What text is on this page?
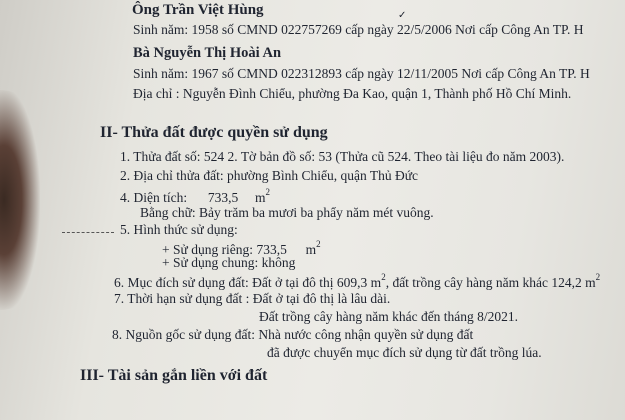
Ông Trần Việt Hùng	✓
Sinh năm: 1958 số CMND 022757269 cấp ngày 22/5/2006 Nơi cấp Công An TP. H
Bà Nguyễn Thị Hoài An
Sinh năm: 1967 số CMND 022312893 cấp ngày 12/11/2005 Nơi cấp Công An TP. H
Địa chỉ : Nguyễn Đình Chiểu, phường Đa Kao, quận 1, Thành phố Hồ Chí Minh.
II- Thửa đất được quyền sử dụng
1. Thửa đất số: 524 2. Tờ bản đồ số: 53 (Thửa cũ 524. Theo tài liệu đo năm 2003).
2. Địa chỉ thửa đất: phường Bình Chiểu, quận Thủ Đức
4. Diện tích: 733,5 $m^2$
Bằng chữ: Bảy trăm ba mươi ba phẩy năm mét vuông.
5. Hình thức sử dụng:
+ Sử dụng riêng: 733,5 $m^2$
+ Sử dụng chung: không
6. Mục đích sử dụng đất: Đất ở tại đô thị 609,3 $m^2$, đất trồng cây hàng năm khác 124,2 $m^2$
7. Thời hạn sử dụng đất : Đất ở tại đô thị là lâu dài.
Đất trồng cây hàng năm khác đến tháng 8/2021.
8. Nguồn gốc sử dụng đất: Nhà nước công nhận quyền sử dụng đất
đã được chuyển mục đích sử dụng từ đất trồng lúa.
III- Tài sản gắn liền với đất
